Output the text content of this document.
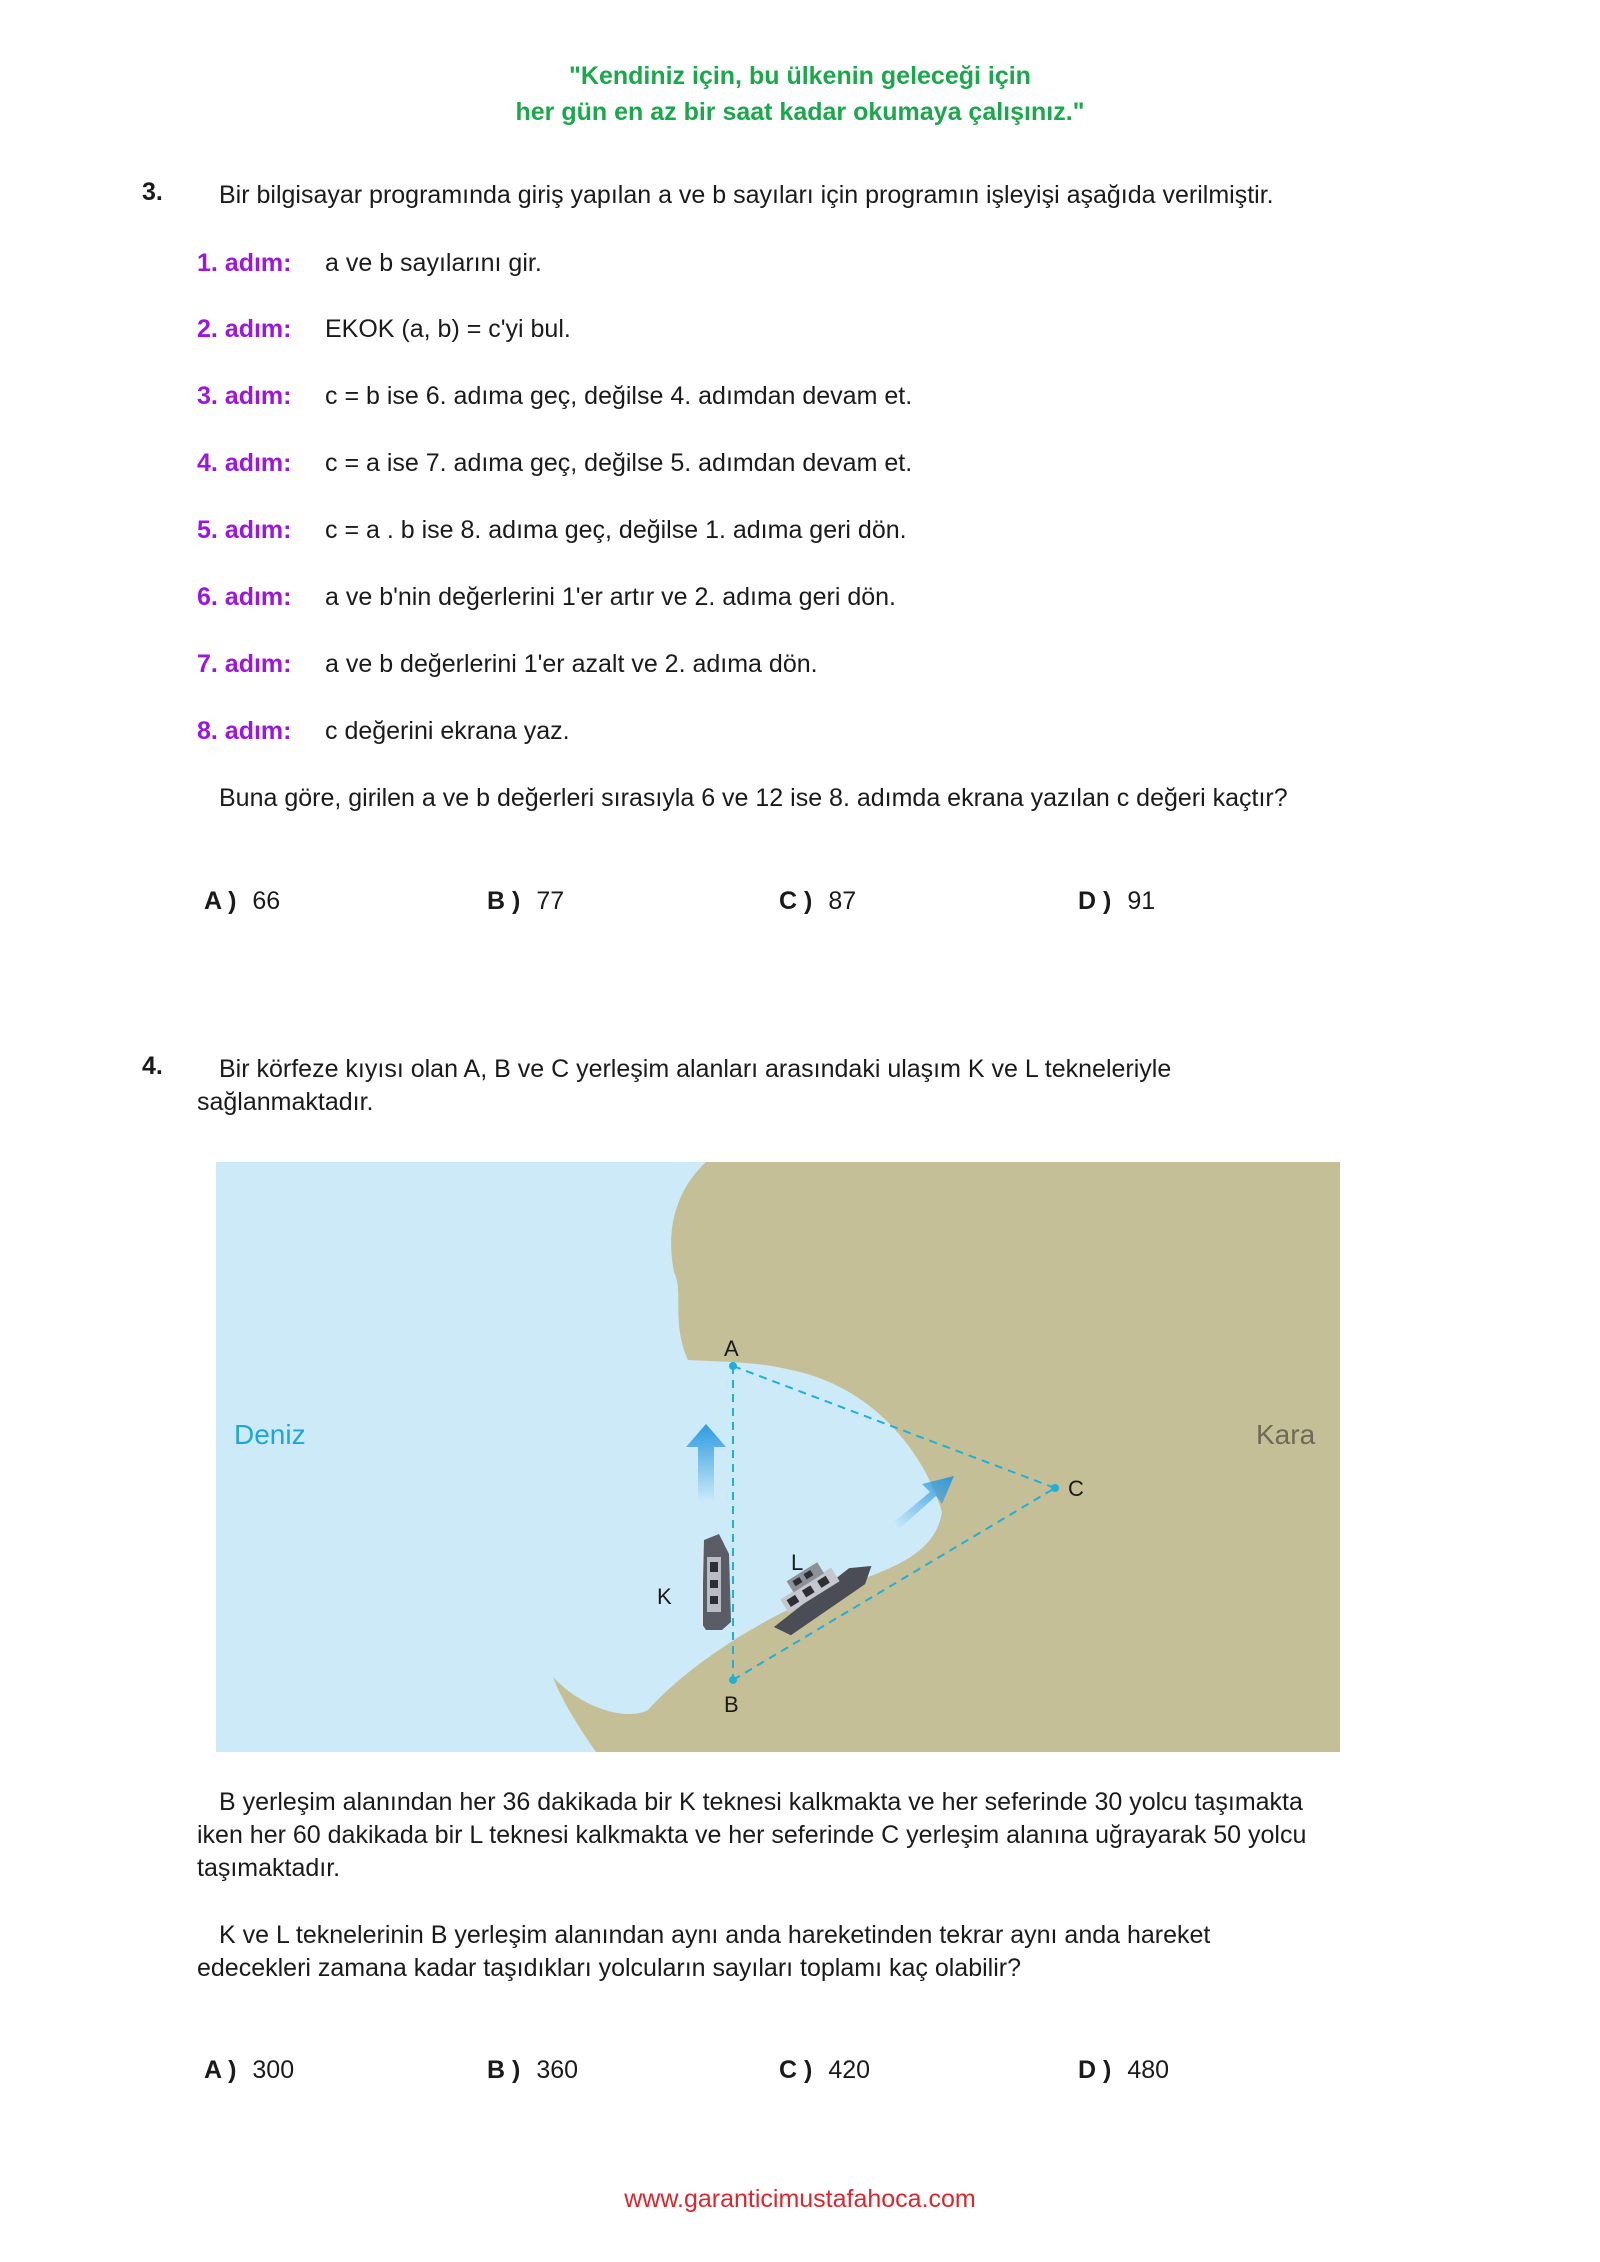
"Kendiniz için, bu ülkenin geleceği için
her gün en az bir saat kadar okumaya çalışınız."
3. Bir bilgisayar programında giriş yapılan a ve b sayıları için programın işleyişi aşağıda verilmiştir.
1. adım: a ve b sayılarını gir.
2. adım: EKOK (a, b) = c'yi bul.
3. adım: c = b ise 6. adıma geç, değilse 4. adımdan devam et.
4. adım: c = a ise 7. adıma geç, değilse 5. adımdan devam et.
5. adım: c = a . b ise 8. adıma geç, değilse 1. adıma geri dön.
6. adım: a ve b'nin değerlerini 1'er artır ve 2. adıma geri dön.
7. adım: a ve b değerlerini 1'er azalt ve 2. adıma dön.
8. adım: c değerini ekrana yaz.
Buna göre, girilen a ve b değerleri sırasıyla 6 ve 12 ise 8. adımda ekrana yazılan c değeri kaçtır?
A ) 66	B ) 77	C ) 87	D ) 91
4. Bir körfeze kıyısı olan A, B ve C yerleşim alanları arasındaki ulaşım K ve L tekneleriyle
sağlanmaktadır.
Deniz	Kara
A
B
C
K
L
B yerleşim alanından her 36 dakikada bir K teknesi kalkmakta ve her seferinde 30 yolcu taşımakta
iken her 60 dakikada bir L teknesi kalkmakta ve her seferinde C yerleşim alanına uğrayarak 50 yolcu
taşımaktadır.
K ve L teknelerinin B yerleşim alanından aynı anda hareketinden tekrar aynı anda hareket
edecekleri zamana kadar taşıdıkları yolcuların sayıları toplamı kaç olabilir?
A ) 300	B ) 360	C ) 420	D ) 480
www.garanticimustafahoca.com
